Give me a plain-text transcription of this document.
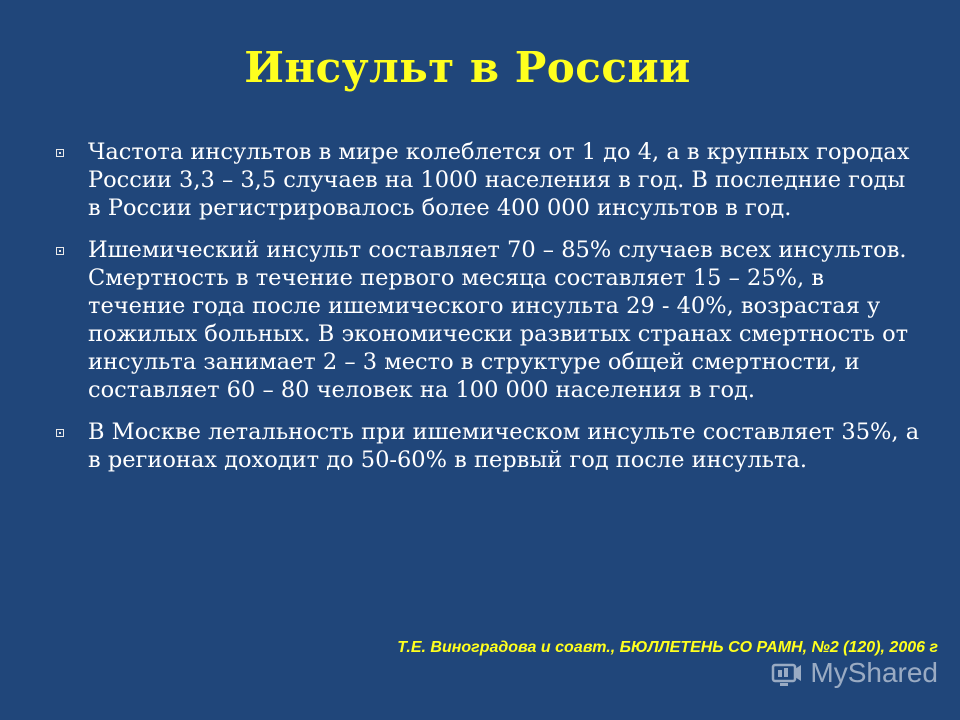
Инсульт в России
Частота инсультов в мире колеблется от 1 до 4, а в крупных городах России 3,3 – 3,5 случаев на 1000 населения в год. В последние годы в России регистрировалось более 400 000 инсультов в год.
Ишемический инсульт составляет 70 – 85% случаев всех инсультов. Смертность в течение первого месяца составляет 15 – 25%, в течение года после ишемического инсульта 29 - 40%, возрастая у пожилых больных. В экономически развитых странах смертность от инсульта занимает 2 – 3 место в структуре общей смертности, и составляет 60 – 80 человек на 100 000 населения в год.
В Москве летальность при ишемическом инсульте составляет 35%, а в регионах доходит до 50-60% в первый год после инсульта.

Т.Е. Виноградова и соавт., БЮЛЛЕТЕНЬ СО РАМН, №2 (120), 2006 г

MyShared
